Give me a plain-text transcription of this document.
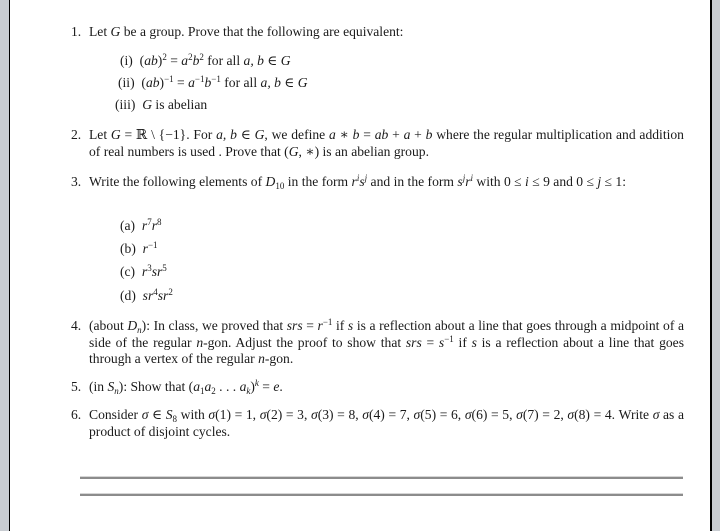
1. Let G be a group. Prove that the following are equivalent:
(i)  $(ab)^2 = a^2b^2$ for all a, b ∈ G
(ii)  $(ab)^{-1} = a^{-1}b^{-1}$ for all a, b ∈ G
(iii) G is abelian
2. Let G = ℝ \ {−1}. For a, b ∈ G, we define a ∗ b = ab + a + b where the regular multiplication and addition of real numbers is used . Prove that (G, ∗) is an abelian group.
3. Write the following elements of $D_{10}$ in the form $r^is^j$ and in the form $s^jr^i$ with 0 ≤ i ≤ 9 and 0 ≤ j ≤ 1:
(a) $r^7r^8$
(b) $r^{-1}$
(c) $r^3sr^5$
(d) $sr^4sr^2$
4. (about $D_n$): In class, we proved that srs = $r^{-1}$ if s is a reflection about a line that goes through a midpoint of a side of the regular n-gon. Adjust the proof to show that srs = $s^{-1}$ if s is a reflection about a line that goes through a vertex of the regular n-gon.
5. (in $S_n$): Show that ($a_1a_2$ . . . $a_k)^k = e$.
6. Consider σ ∈ $S_8$ with σ(1) = 1, σ(2) = 3, σ(3) = 8, σ(4) = 7, σ(5) = 6, σ(6) = 5, σ(7) = 2, σ(8) = 4. Write σ as a product of disjoint cycles.
